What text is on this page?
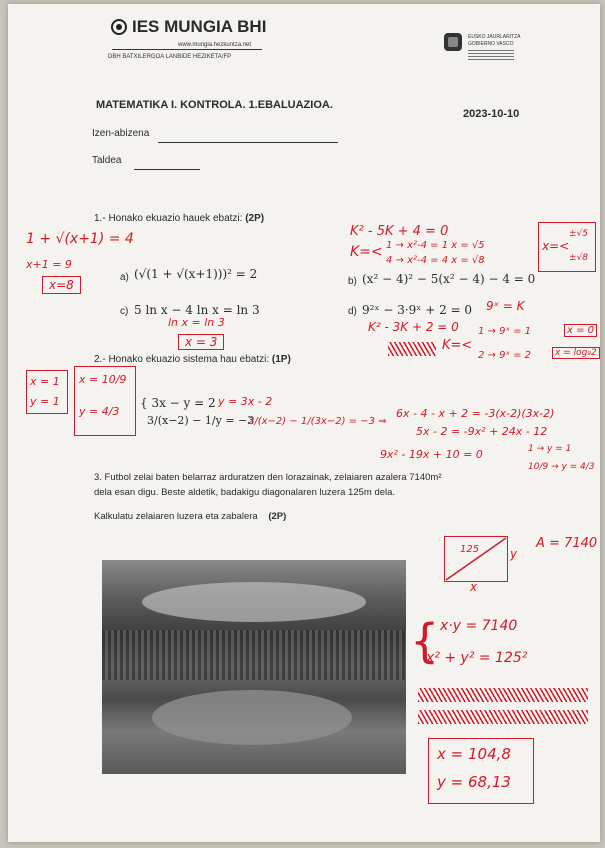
IES MUNGIA BHI
www.mungia.hezkuntza.net
DBH BATXILERGOA LANBIDE HEZIKETA/FP
EUSKO JAURLARITZA
GOBIERNO VASCO
MATEMATIKA I. KONTROLA. 1.EBALUAZIOA.
2023-10-10
Izen-abizena
Taldea
1.- Honako ekuazio hauek ebatzi: (2P)
1 + √(x+1) = 4
x+1 = 9
x=8
a) (√(1 + √(x+1)))² = 2
K² - 5K + 4 = 0
K=< 1 → x²-4 = 1 x = √5
4 → x²-4 = 4 x = √8
x=<
±√5
±√8
b) (x² − 4)² − 5(x² − 4) − 4 = 0
c) 5 ln x − 4 ln x = ln 3
ln x = ln 3
x = 3
d) 9²ˣ − 3·9ˣ + 2 = 0 9ˣ = K
K² - 3K + 2 = 0
K=<
1 → 9ˣ = 1
2 → 9ˣ = 2
x = 0
x = log₉2
2.- Honako ekuazio sistema hau ebatzi: (1P)
x = 1
y = 1
x = 10/9
y = 4/3
{ 3x − y = 2
​  3/(x−2) − 1/y = −3
y = 3x - 2
2/(x−2) − 1/(3x−2) = −3 ⇒
6x - 4 - x + 2 = -3(x-2)(3x-2)
5x - 2 = -9x² + 24x - 12
9x² - 19x + 10 = 0	1 → y = 1
10/9 → y = 4/3
3. Futbol zelai baten belarraz arduratzen den lorazainak, zelaiaren azalera 7140m²
dela esan digu. Beste aldetik, badakigu diagonalaren luzera 125m dela.
Kalkulatu zelaiaren luzera eta zabalera (2P)
125	y
x
A = 7140
{ x·y = 7140
x² + y² = 125²
x = 104,8
y = 68,13
